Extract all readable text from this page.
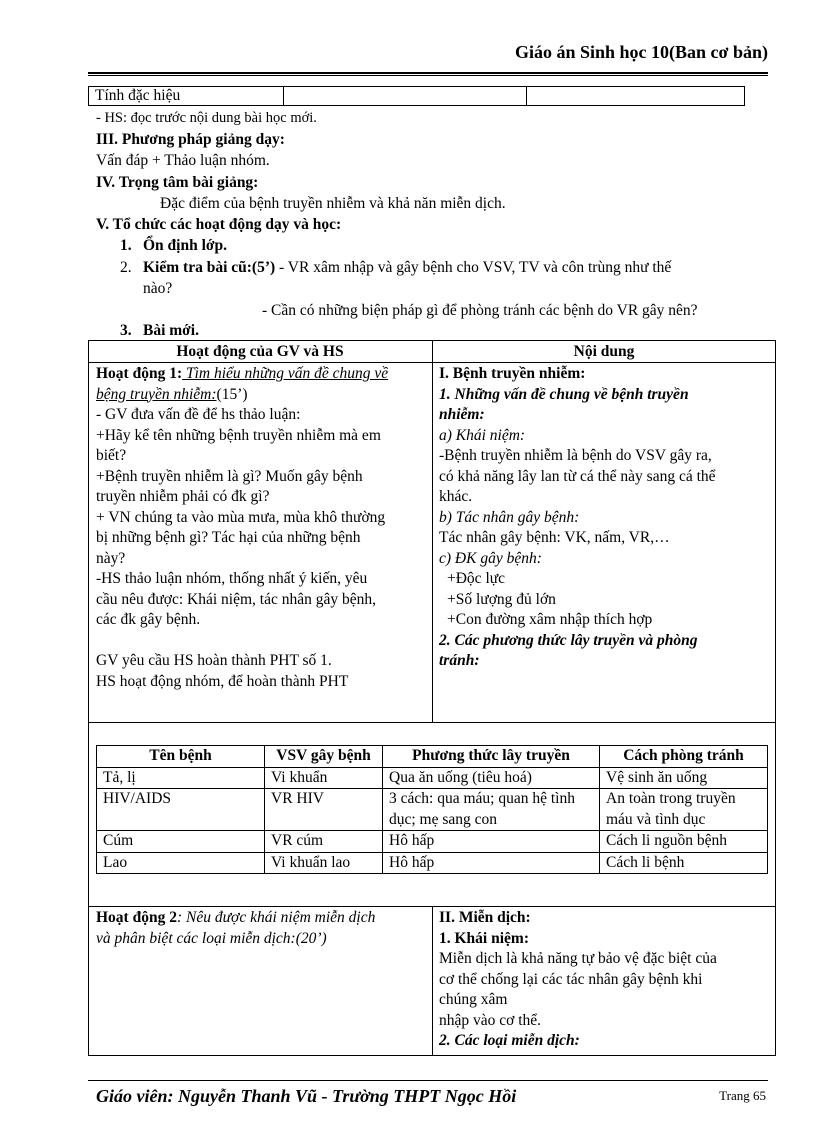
Giáo án Sinh học 10(Ban cơ bản)
Tính đặc hiệu		
- HS: đọc trước nội dung bài học mới.
III. Phương pháp giảng dạy:
Vấn đáp + Thảo luận nhóm.
IV. Trọng tâm bài giảng:
Đặc điểm của bệnh truyền nhiễm và khả năn miễn dịch.
V. Tổ chức các hoạt động dạy và học:
1. Ổn định lớp.
2. Kiểm tra bài cũ:(5’) - VR xâm nhập và gây bệnh cho VSV, TV và côn trùng như thế
nào?
- Cần có những biện pháp gì để phòng tránh các bệnh do VR gây nên?
3. Bài mới.
Hoạt động của GV và HS	Nội dung
Hoạt động 1: Tìm hiểu những vấn đề chung về
bệng truyền nhiễm:(15’)
- GV đưa vấn đề để hs thảo luận:
+Hãy kể tên những bệnh truyền nhiễm mà em
biết?
+Bệnh truyền nhiễm là gì? Muốn gây bệnh
truyền nhiễm phải có đk gì?
+ VN chúng ta vào mùa mưa, mùa khô thường
bị những bệnh gì? Tác hại của những bệnh
này?
-HS thảo luận nhóm, thống nhất ý kiến, yêu
cầu nêu được: Khái niệm, tác nhân gây bệnh,
các đk gây bệnh.
GV yêu cầu HS hoàn thành PHT số 1.
HS hoạt động nhóm, để hoàn thành PHT
I. Bệnh truyền nhiễm:
1. Những vấn đề chung về bệnh truyền
nhiễm:
a) Khái niệm:
-Bệnh truyền nhiễm là bệnh do VSV gây ra,
có khả năng lây lan từ cá thể này sang cá thể
khác.
b) Tác nhân gây bệnh:
Tác nhân gây bệnh: VK, nấm, VR,…
c) ĐK gây bệnh:
+Độc lực
+Số lượng đủ lớn
+Con đường xâm nhập thích hợp
2. Các phương thức lây truyền và phòng
tránh:
Tên bệnh	VSV gây bệnh	Phương thức lây truyền	Cách phòng tránh
Tả, lị	Vi khuẩn	Qua ăn uống (tiêu hoá)	Vệ sinh ăn uống
HIV/AIDS	VR HIV	3 cách: qua máu; quan hệ tình dục; mẹ sang con	An toàn trong truyền máu và tình dục
Cúm	VR cúm	Hô hấp	Cách li nguồn bệnh
Lao	Vi khuẩn lao	Hô hấp	Cách li bệnh
Hoạt động 2: Nêu được khái niệm miễn dịch
và phân biệt các loại miễn dịch:(20’)
II. Miễn dịch:
1. Khái niệm:
Miễn dịch là khả năng tự bảo vệ đặc biệt của
cơ thể chống lại các tác nhân gây bệnh khi
chúng xâm
nhập vào cơ thể.
2. Các loại miễn dịch:
Giáo viên: Nguyễn Thanh Vũ - Trường THPT Ngọc Hồi	Trang 65
